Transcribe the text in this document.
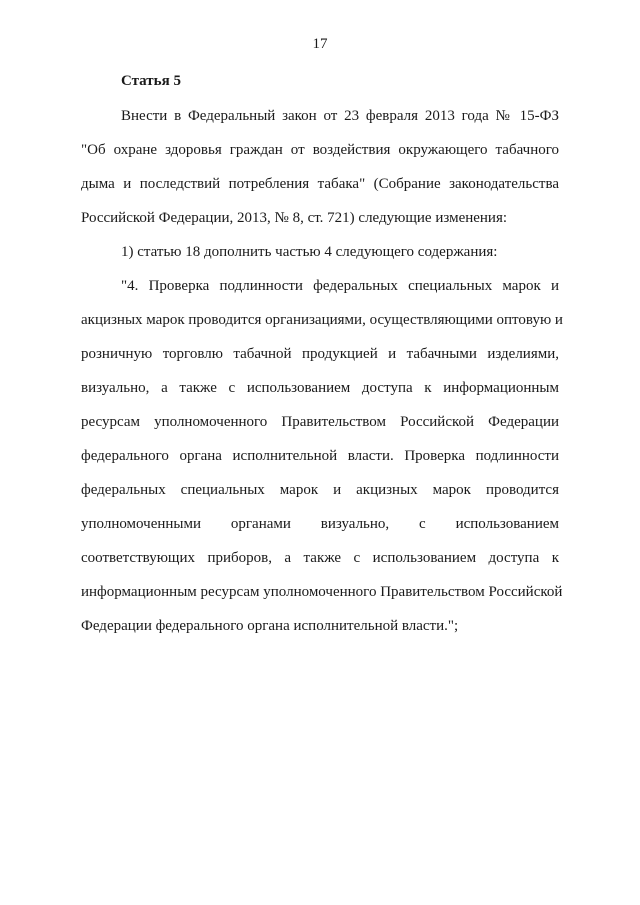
17
Статья 5
Внести в Федеральный закон от 23 февраля 2013 года № 15-ФЗ
"Об охране здоровья граждан от воздействия окружающего табачного
дыма и последствий потребления табака" (Собрание законодательства
Российской Федерации, 2013, № 8, ст. 721) следующие изменения:
1) статью 18 дополнить частью 4 следующего содержания:
"4. Проверка подлинности федеральных специальных марок и
акцизных марок проводится организациями, осуществляющими оптовую и
розничную торговлю табачной продукцией и табачными изделиями,
визуально, а также с использованием доступа к информационным
ресурсам уполномоченного Правительством Российской Федерации
федерального органа исполнительной власти. Проверка подлинности
федеральных специальных марок и акцизных марок проводится
уполномоченными органами визуально, с использованием
соответствующих приборов, а также с использованием доступа к
информационным ресурсам уполномоченного Правительством Российской
Федерации федерального органа исполнительной власти.";
